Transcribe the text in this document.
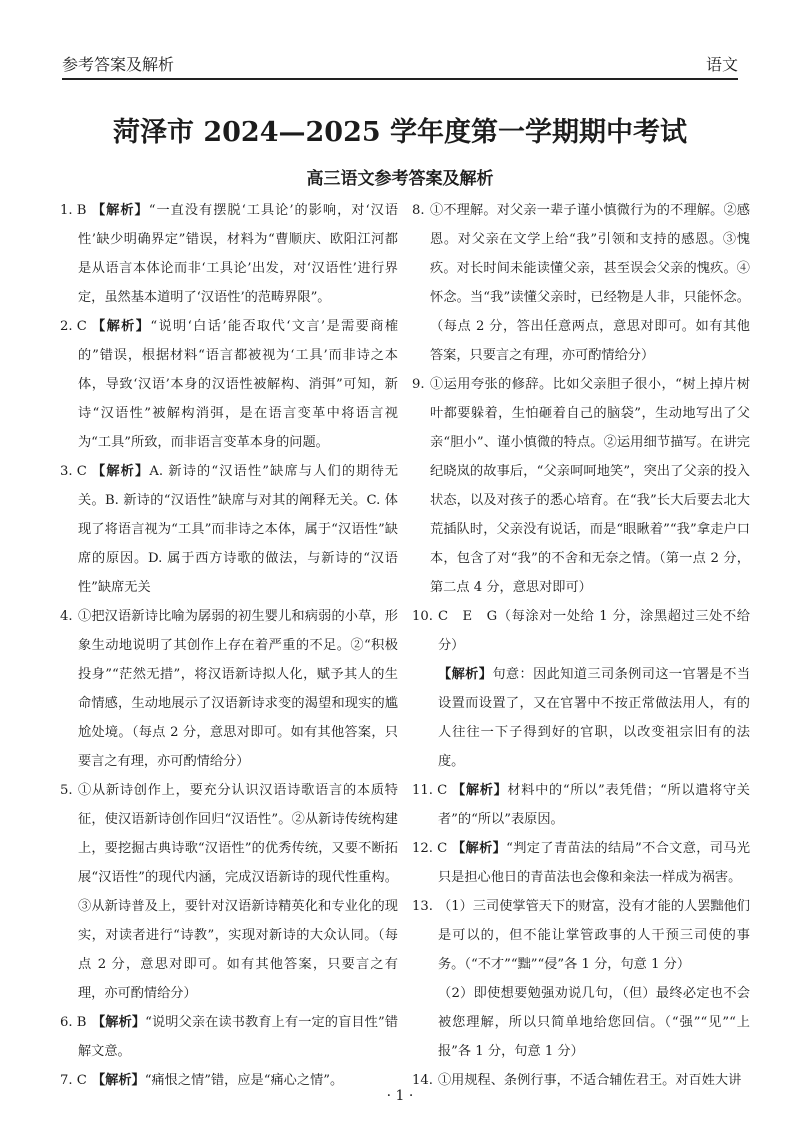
参考答案及解析	语文
菏泽市 2024—2025 学年度第一学期期中考试
高三语文参考答案及解析
1. B 【解析】“一直没有摆脱‘工具论’的影响，对‘汉语性’缺少明确界定”错误，材料为“曹顺庆、欧阳江河都是从语言本体论而非‘工具论’出发，对‘汉语性’进行界定，虽然基本道明了‘汉语性’的范畴界限”。
2. C 【解析】“说明‘白话’能否取代‘文言’是需要商榷的”错误，根据材料“语言都被视为‘工具’而非诗之本体，导致‘汉语’本身的汉语性被解构、消弭”可知，新诗“汉语性”被解构消弭，是在语言变革中将语言视为“工具”所致，而非语言变革本身的问题。
3. C 【解析】A. 新诗的“汉语性”缺席与人们的期待无关。B. 新诗的“汉语性”缺席与对其的阐释无关。C. 体现了将语言视为“工具”而非诗之本体，属于“汉语性”缺席的原因。D. 属于西方诗歌的做法，与新诗的“汉语性”缺席无关
4. ①把汉语新诗比喻为孱弱的初生婴儿和病弱的小草，形象生动地说明了其创作上存在着严重的不足。②“积极投身”“茫然无措”，将汉语新诗拟人化，赋予其人的生命情感，生动地展示了汉语新诗求变的渴望和现实的尴尬处境。（每点 2 分，意思对即可。如有其他答案，只要言之有理，亦可酌情给分）
5. ①从新诗创作上，要充分认识汉语诗歌语言的本质特征，使汉语新诗创作回归“汉语性”。②从新诗传统构建上，要挖掘古典诗歌“汉语性”的优秀传统，又要不断拓展“汉语性”的现代内涵，完成汉语新诗的现代性重构。③从新诗普及上，要针对汉语新诗精英化和专业化的现实，对读者进行“诗教”，实现对新诗的大众认同。（每点 2 分，意思对即可。如有其他答案，只要言之有理，亦可酌情给分）
6. B 【解析】“说明父亲在读书教育上有一定的盲目性”错解文意。
7. C 【解析】“痛恨之情”错，应是“痛心之情”。
8. ①不理解。对父亲一辈子谨小慎微行为的不理解。②感恩。对父亲在文学上给“我”引领和支持的感恩。③愧疚。对长时间未能读懂父亲，甚至误会父亲的愧疚。④怀念。当“我”读懂父亲时，已经物是人非，只能怀念。（每点 2 分，答出任意两点，意思对即可。如有其他答案，只要言之有理，亦可酌情给分）
9. ①运用夸张的修辞。比如父亲胆子很小，“树上掉片树叶都要躲着，生怕砸着自己的脑袋”，生动地写出了父亲“胆小”、谨小慎微的特点。②运用细节描写。在讲完纪晓岚的故事后，“父亲呵呵地笑”，突出了父亲的投入状态，以及对孩子的悉心培育。在“我”长大后要去北大荒插队时，父亲没有说话，而是“眼瞅着”“我”拿走户口本，包含了对“我”的不舍和无奈之情。（第一点 2 分，第二点 4 分，意思对即可）
10. C　E　G（每涂对一处给 1 分，涂黑超过三处不给分）
【解析】句意：因此知道三司条例司这一官署是不当设置而设置了，又在官署中不按正常做法用人，有的人往往一下子得到好的官职，以改变祖宗旧有的法度。
11. C 【解析】材料中的“所以”表凭借；“所以遣将守关者”的“所以”表原因。
12. C 【解析】“判定了青苗法的结局”不合文意，司马光只是担心他日的青苗法也会像和籴法一样成为祸害。
13. （1）三司使掌管天下的财富，没有才能的人罢黜他们是可以的，但不能让掌管政事的人干预三司使的事务。（“不才”“黜”“侵”各 1 分，句意 1 分）
（2）即使想要勉强劝说几句，（但）最终必定也不会被您理解，所以只简单地给您回信。（“强”“见”“上报”各 1 分，句意 1 分）
14. ①用规程、条例行事，不适合辅佐君王。对百姓大讲
· 1 ·
